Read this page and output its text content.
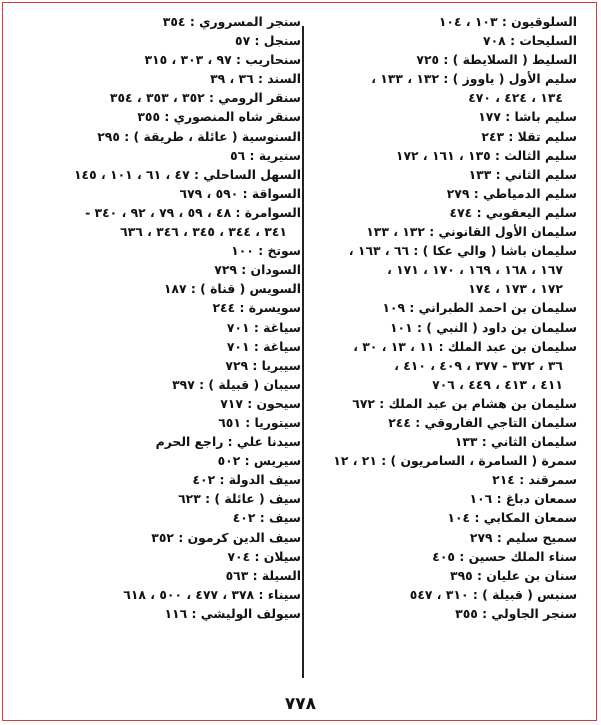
السلوقيون : ١٠٣ ، ١٠٤
السليحات : ٧٠٨
السليط ( السلايطة ) : ٧٢٥
سليم الأول ( ياووز ) : ١٣٢ ، ١٣٣ ،
١٣٤ ، ٤٢٤ ، ٤٧٠
سليم باشا : ١٧٧
سليم تقلا : ٢٤٣
سليم الثالث : ١٣٥ ، ١٦١ ، ١٧٢
سليم الثاني : ١٣٣
سليم الدمياطي : ٢٧٩
سليم اليعقوبي : ٤٧٤
سليمان الأول القانوني : ١٣٢ ، ١٣٣
سليمان باشا ( والي عكا ) : ٦٦ ، ١٦٣ ،
١٦٧ ، ١٦٨ ، ١٦٩ ، ١٧٠ ، ١٧١ ،
١٧٢ ، ١٧٣ ، ١٧٤
سليمان بن احمد الطبراني : ١٠٩
سليمان بن داود ( النبي ) : ١٠١
سليمان بن عبد الملك : ١١ ، ١٣ ، ٣٠ ،
٣٦ ، ٣٧٢ - ٣٧٧ ، ٤٠٩ ، ٤١٠ ،
٤١١ ، ٤١٣ ، ٤٤٩ ، ٧٠٦
سليمان بن هشام بن عبد الملك : ٦٧٢
سليمان التاجي الفاروقي : ٢٤٤
سليمان الثاني : ١٣٣
سمرة ( السامرة ، السامريون ) : ٢١ ، ١٢
سمرقند : ٢١٤
سمعان دباغ : ١٠٦
سمعان المكابي : ١٠٤
سميح سليم : ٢٧٩
سناء الملك حسين : ٤٠٥
سنان بن عليان : ٣٩٥
سنبس ( قبيلة ) : ٣١٠ ، ٥٤٧
سنجر الجاولي : ٣٥٥
سنجر المسروري : ٣٥٤
سنجل : ٥٧
سنحاريب : ٩٧ ، ٣٠٣ ، ٣١٥
السند : ٣٦ ، ٣٩
سنقر الرومي : ٣٥٢ ، ٣٥٣ ، ٣٥٤
سنقر شاه المنصوري : ٣٥٥
السنوسية ( عائلة ، طريقة ) : ٢٩٥
سنيرية : ٥٦
السهل الساحلي : ٤٧ ، ٦١ ، ١٠١ ، ١٤٥
السواقة : ٥٩٠ ، ٦٧٩
السوامرة : ٤٨ ، ٥٩ ، ٧٩ ، ٩٢ ، ٣٤٠ -
٣٤١ ، ٣٤٤ ، ٣٤٥ ، ٣٤٦ ، ٦٣٦
سوتخ : ١٠٠
السودان : ٧٢٩
السويس ( قناة ) : ١٨٧
سويسرة : ٢٤٤
سياغة : ٧٠١
سياغة : ٧٠١
سيبريا : ٧٢٩
سيبان ( قبيلة ) : ٣٩٧
سيحون : ٧١٧
سيتوريا : ٦٥١
سيدنا علي : راجع الحرم
سيريس : ٥٠٢
سيف الدولة : ٤٠٢
سيف ( عائلة ) : ٦٢٣
سيف : ٤٠٢
سيف الدين كرمون : ٣٥٢
سيلان : ٧٠٤
السيلة : ٥٦٣
سيناء : ٣٧٨ ، ٤٧٧ ، ٥٠٠ ، ٦١٨
سيولف الوليشي : ١١٦
٧٧٨
